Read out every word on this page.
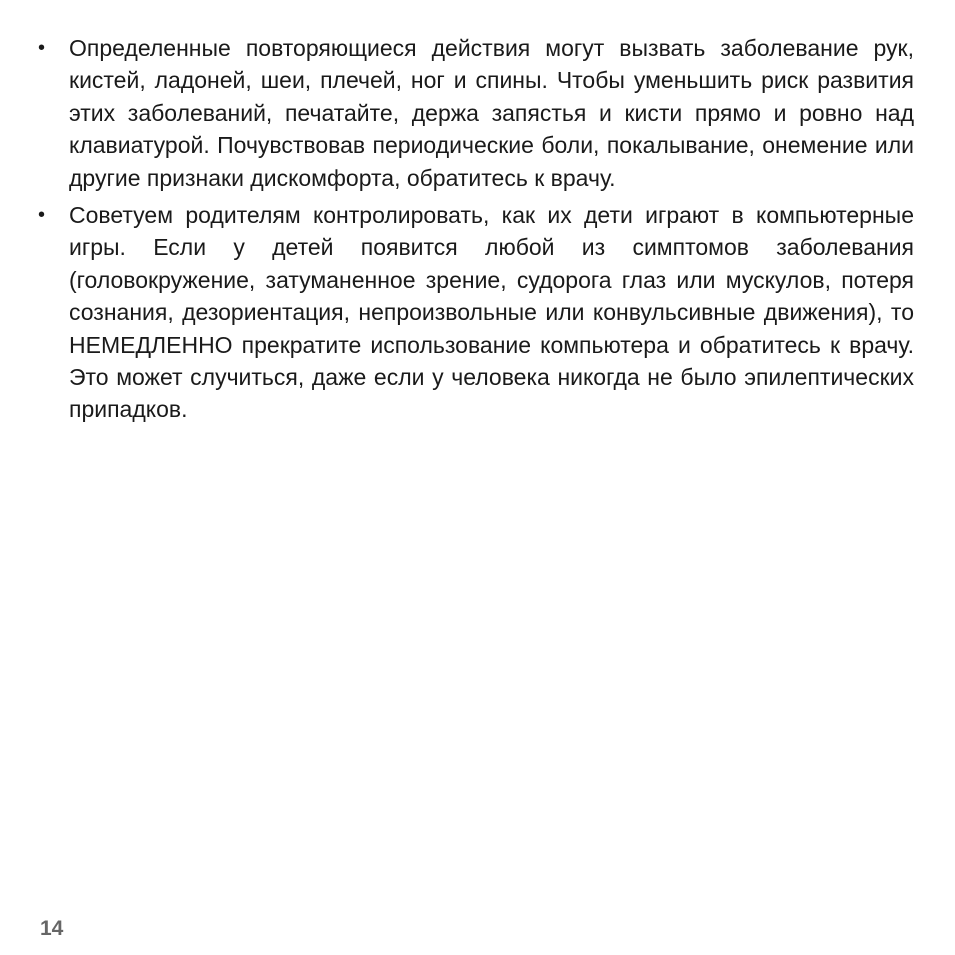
• Определенные повторяющиеся действия могут вызвать заболевание рук, кистей, ладоней, шеи, плечей, ног и спины. Чтобы уменьшить риск развития этих заболеваний, печатайте, держа запястья и кисти прямо и ровно над клавиатурой. Почувствовав периодические боли, покалывание, онемение или другие признаки дискомфорта, обратитесь к врачу.
• Советуем родителям контролировать, как их дети играют в компьютерные игры. Если у детей появится любой из симптомов заболевания (головокружение, затуманенное зрение, судорога глаз или мускулов, потеря сознания, дезориентация, непроизвольные или конвульсивные движения), то НЕМЕДЛЕННО прекратите использование компьютера и обратитесь к врачу. Это может случиться, даже если у человека никогда не было эпилептических припадков.
14
